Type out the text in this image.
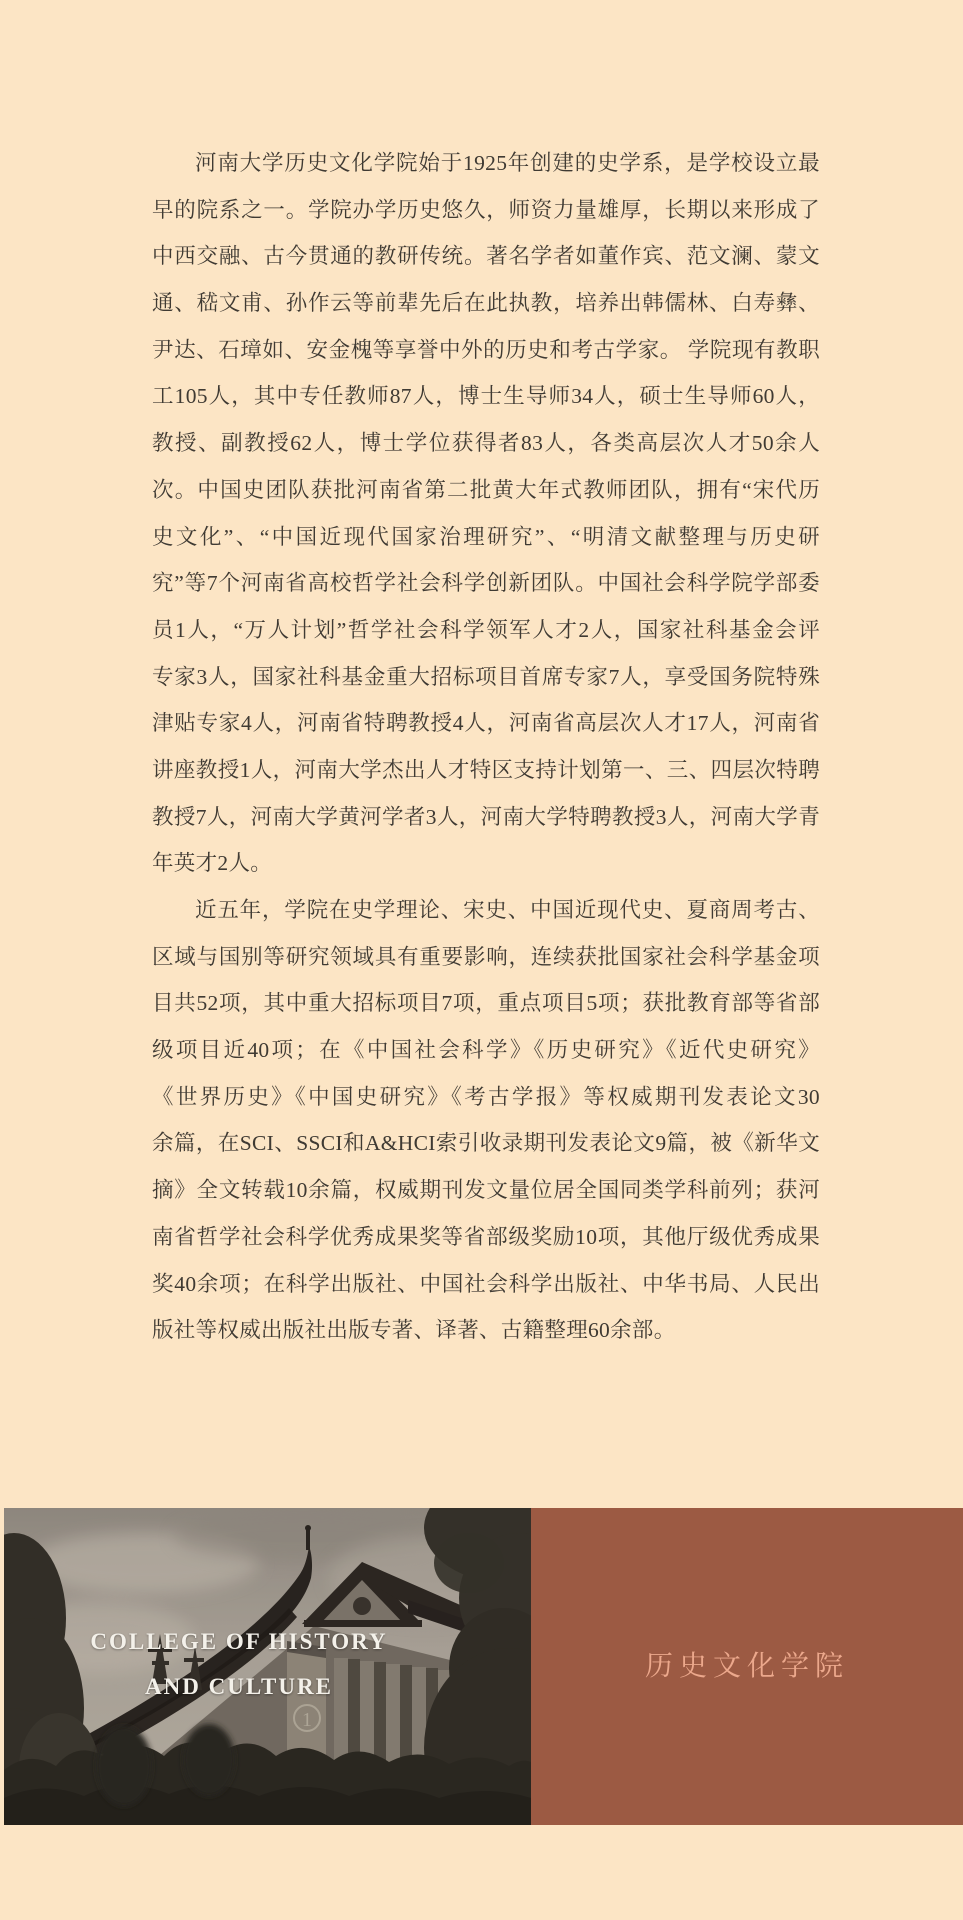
河南大学历史文化学院始于1925年创建的史学系，是学校设立最
早的院系之一。学院办学历史悠久，师资力量雄厚，长期以来形成了
中西交融、古今贯通的教研传统。著名学者如董作宾、范文澜、蒙文
通、嵇文甫、孙作云等前辈先后在此执教，培养出韩儒林、白寿彝、
尹达、石璋如、安金槐等享誉中外的历史和考古学家。 学院现有教职
工105人，其中专任教师87人，博士生导师34人，硕士生导师60人，
教授、副教授62人，博士学位获得者83人，各类高层次人才50余人
次。中国史团队获批河南省第二批黄大年式教师团队，拥有“宋代历
史文化”、“中国近现代国家治理研究”、“明清文献整理与历史研
究”等7个河南省高校哲学社会科学创新团队。中国社会科学院学部委
员1人，“万人计划”哲学社会科学领军人才2人，国家社科基金会评
专家3人，国家社科基金重大招标项目首席专家7人，享受国务院特殊
津贴专家4人，河南省特聘教授4人，河南省高层次人才17人，河南省
讲座教授1人，河南大学杰出人才特区支持计划第一、三、四层次特聘
教授7人，河南大学黄河学者3人，河南大学特聘教授3人，河南大学青
年英才2人。
近五年，学院在史学理论、宋史、中国近现代史、夏商周考古、
区域与国别等研究领域具有重要影响，连续获批国家社会科学基金项
目共52项，其中重大招标项目7项，重点项目5项；获批教育部等省部
级项目近40项；在《中国社会科学》《历史研究》《近代史研究》
《世界历史》《中国史研究》《考古学报》等权威期刊发表论文30
余篇，在SCI、SSCI和A&HCI索引收录期刊发表论文9篇，被《新华文
摘》全文转载10余篇，权威期刊发文量位居全国同类学科前列；获河
南省哲学社会科学优秀成果奖等省部级奖励10项，其他厅级优秀成果
奖40余项；在科学出版社、中国社会科学出版社、中华书局、人民出
版社等权威出版社出版专著、译著、古籍整理60余部。
1
COLLEGE OF HISTORY
AND CULTURE
历史文化学院
